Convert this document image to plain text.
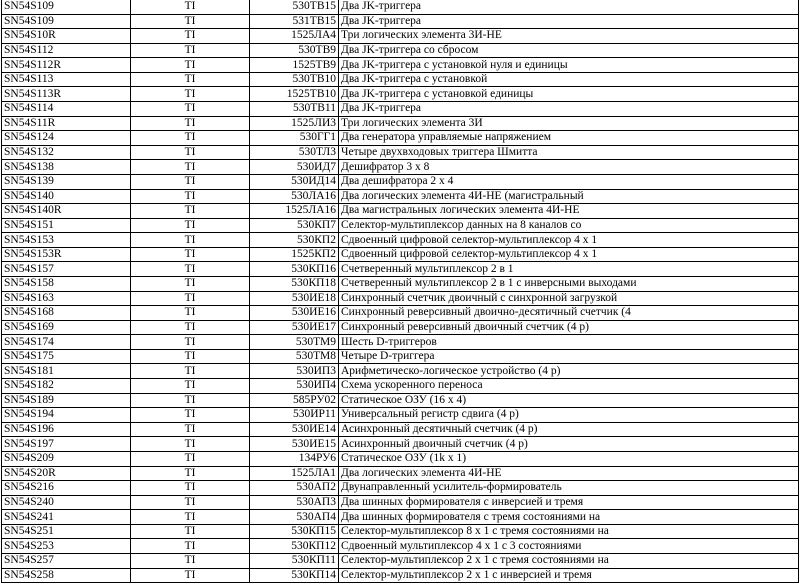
SN54S109	TI	530ТВ15	Два JK-триггера
SN54S109	TI	531ТВ15	Два JK-триггера
SN54S10R	TI	1525ЛА4	Три логических элемента 3И-НЕ
SN54S112	TI	530ТВ9	Два JK-триггера со сбросом
SN54S112R	TI	1525ТВ9	Два JK-триггера с установкой нуля и единицы
SN54S113	TI	530ТВ10	Два JK-триггера с установкой
SN54S113R	TI	1525ТВ10	Два JK-триггера с установкой единицы
SN54S114	TI	530ТВ11	Два JK-триггера
SN54S11R	TI	1525ЛИ3	Три логических элемента 3И
SN54S124	TI	530ГГ1	Два генератора управляемые напряжением
SN54S132	TI	530ТЛ3	Четыре двухвходовых триггера Шмитта
SN54S138	TI	530ИД7	Дешифратор 3 х 8
SN54S139	TI	530ИД14	Два дешифратора 2 х 4
SN54S140	TI	530ЛА16	Два логических элемента 4И-НЕ (магистральный
SN54S140R	TI	1525ЛА16	Два магистральных логических элемента 4И-НЕ
SN54S151	TI	530КП7	Селектор-мультиплексор данных на 8 каналов со
SN54S153	TI	530КП2	Сдвоенный цифровой селектор-мультиплексор 4 х 1
SN54S153R	TI	1525КП2	Сдвоенный цифровой селектор-мультиплексор 4 х 1
SN54S157	TI	530КП16	Счетверенный мультиплексор 2 в 1
SN54S158	TI	530КП18	Счетверенный мультиплексор 2 в 1 с инверсными выходами
SN54S163	TI	530ИЕ18	Синхронный счетчик двоичный с синхронной загрузкой
SN54S168	TI	530ИЕ16	Синхронный реверсивный двоично-десятичный счетчик (4
SN54S169	TI	530ИЕ17	Синхронный реверсивный двоичный счетчик (4 р)
SN54S174	TI	530ТМ9	Шесть D-триггеров
SN54S175	TI	530ТМ8	Четыре D-триггера
SN54S181	TI	530ИП3	Арифметическо-логическое устройство (4 р)
SN54S182	TI	530ИП4	Схема ускоренного переноса
SN54S189	TI	585РУ02	Статическое ОЗУ (16 х 4)
SN54S194	TI	530ИР11	Универсальный регистр сдвига (4 р)
SN54S196	TI	530ИЕ14	Асинхронный десятичный счетчик (4 р)
SN54S197	TI	530ИЕ15	Асинхронный двоичный счетчик (4 р)
SN54S209	TI	134РУ6	Статическое ОЗУ (1k х 1)
SN54S20R	TI	1525ЛА1	Два логических элемента 4И-НЕ
SN54S216	TI	530АП2	Двунаправленный усилитель-формирователь
SN54S240	TI	530АП3	Два шинных формирователя с инверсией и тремя
SN54S241	TI	530АП4	Два шинных формирователя с тремя состояниями на
SN54S251	TI	530КП15	Селектор-мультиплексор 8 х 1 с тремя состояниями на
SN54S253	TI	530КП12	Сдвоенный мультиплексор 4 х 1 с 3 состояниями
SN54S257	TI	530КП11	Селектор-мультиплексор 2 х 1 с тремя состояниями на
SN54S258	TI	530КП14	Селектор-мультиплексор 2 х 1 с инверсией и тремя
